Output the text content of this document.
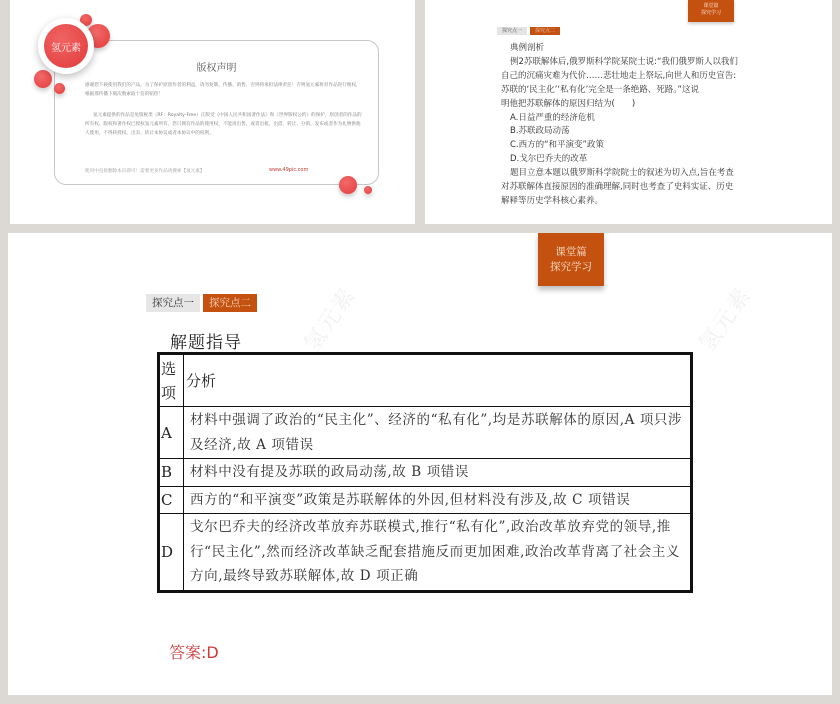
版权声明
感谢您下载使用我们的产品，为了保护原创作者的利益，请勿复制、传播、销售，否则将承担法律责任！否则氢元素将对作品进行维权，根据那传播下载次数索取十倍的赔偿！
氢元素提供的作品是免版税类（RF：Royalty-Free）正版受《中国人民共和国著作法》和《世界版权公约》的保护，原创者的作品的所有权、版权和著作权已授权氢元素所有，您只拥有作品的使用权，不能再出售，或者出租、出借、转让、分销、发布或者作为礼物供他人使用，不得转授权、出卖、转让本协议或者本协议中的权利。
使用中直接删除本页即可！需要更多作品请搜索【氢元素】	www.49pic.com
氢元素
课堂篇
探究学习
探究点一	探究点二
典例剖析
例2苏联解体后,俄罗斯科学院某院士说:“我们俄罗斯人以我们
自己的沉痛灾难为代价……悲壮地走上祭坛,向世人和历史宣告:
苏联的‘民主化’‘私有化’完全是一条绝路、死路。”这说
明他把苏联解体的原因归结为(　　)
A.日益严重的经济危机
B.苏联政局动荡
C.西方的“和平演变”政策
D.戈尔巴乔夫的改革
题目立意本题以俄罗斯科学院院士的叙述为切入点,旨在考查
对苏联解体直接原因的准确理解,同时也考查了史料实证、历史
解释等历史学科核心素养。
氢元素	氢元素
课堂篇
探究学习
探究点一	探究点二
解题指导
选项	分析
A	材料中强调了政治的“民主化”、经济的“私有化”,均是苏联解体的原因,A 项只涉及经济,故 A 项错误
B	材料中没有提及苏联的政局动荡,故 B 项错误
C	西方的“和平演变”政策是苏联解体的外因,但材料没有涉及,故 C 项错误
D	戈尔巴乔夫的经济改革放弃苏联模式,推行“私有化”,政治改革放弃党的领导,推行“民主化”,然而经济改革缺乏配套措施反而更加困难,政治改革背离了社会主义方向,最终导致苏联解体,故 D 项正确
答案:D
